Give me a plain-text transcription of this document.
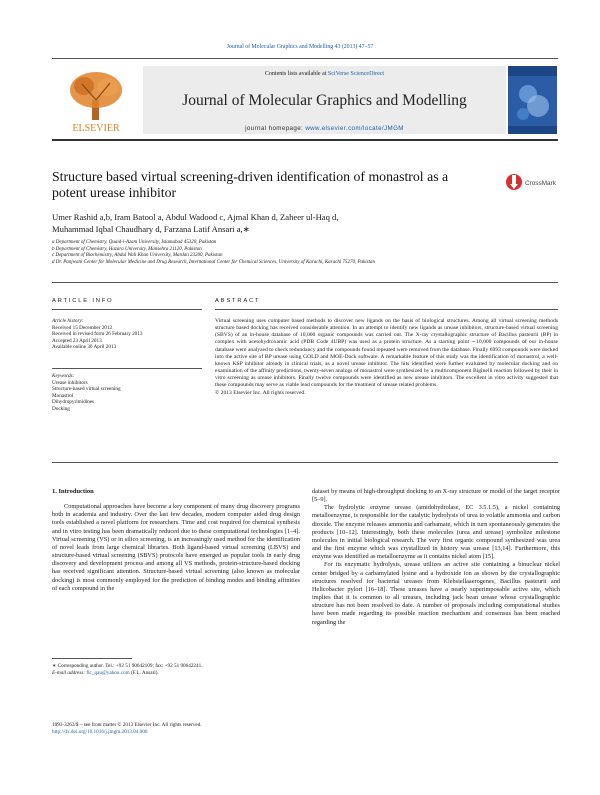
Journal of Molecular Graphics and Modelling 43 (2013) 47–57
ELSEVIER
Contents lists available at SciVerse ScienceDirect
Journal of Molecular Graphics and Modelling
journal homepage: www.elsevier.com/locate/JMGM
Structure based virtual screening-driven identification of monastrol as a potent urease inhibitor
CrossMark
Umer Rashid a,b, Iram Batool a, Abdul Wadood c, Ajmal Khan d, Zaheer ul-Haq d,
Muhammad Iqbal Chaudhary d, Farzana Latif Ansari a,∗
a Department of Chemistry, Quaid-i-Azam University, Islamabad 45320, Pakistan
b Department of Chemistry, Hazara University, Mansehra 21120, Pakistan
c Department of Biochemistry, Abdul Wali Khan University, Mardan 23200, Pakistan
d Dr. Panjwani Center for Molecular Medicine and Drug Research, International Center for Chemical Sciences, University of Karachi, Karachi 75270, Pakistan
ARTICLE INFO
Article history:
Received 15 December 2012
Received in revised form 26 February 2013
Accepted 23 April 2013
Available online 30 April 2013
Keywords:
Urease inhibitors
Structure-based virtual screening
Monastrol
Dihydropyrimidines
Docking
ABSTRACT

Virtual screening uses computer based methods to discover new ligands on the basis of biological structures. Among all virtual screening methods structure based docking has received considerable attention. In an attempt to identify new ligands as urease inhibitors, structure-based virtual screening (SBVS) of an in-house database of 10,000 organic compounds was carried out. The X-ray crystallographic structure of Bacillus pasteurii (BP) in complex with acetohydroxamic acid (PDB Code 4UBP) was used as a protein structure. As a starting point ∼10,000 compounds of our in-house database were analyzed to check redundancy and the compounds found repeated were removed from the database. Finally 6993 compounds were docked into the active site of BP urease using GOLD and MOE-Dock software. A remarkable feature of this study was the identification of monastrol, a well-known KSP inhibitor already in clinical trials, as a novel urease inhibitor. The hits identified were further evaluated by molecular docking and on examination of the affinity predictions, twenty-seven analogs of monastrol were synthesized by a multicomponent Biginelli reaction followed by their in vitro screening as urease inhibitors. Finally twelve compounds were identified as new urease inhibitors. The excellent in vitro activity suggested that these compounds may serve as viable lead compounds for the treatment of urease related problems.

© 2013 Elsevier Inc. All rights reserved.

1. Introduction

Computational approaches have become a key component of many drug discovery programs both in academia and industry. Over the last few decades, modern computer aided drug design tools established a novel platform for researchers. Time and cost required for chemical synthesis and in vitro testing has been dramatically reduced due to these computational technologies [1–4]. Virtual screening (VS) or in silico screening, is an increasingly used method for the identification of novel leads from large chemical libraries. Both ligand-based virtual screening (LBVS) and structure-based virtual screening (SBVS) protocols have emerged as popular tools in early drug discovery and development process and among all VS methods, protein-structure-based docking has received significant attention. Structure-based virtual screening (also known as molecular docking) is most commonly employed for the prediction of binding modes and binding affinities of each compound in the

dataset by means of high-throughput docking to an X-ray structure or model of the target receptor [5–9].

The hydrolytic enzyme urease (amidohydrolase, EC 3.5.1.5), a nickel containing metalloenzyme, is responsible for the catalytic hydrolysis of urea to volatile ammonia and carbon dioxide. The enzyme releases ammonia and carbamate, which in turn spontaneously generates the products [10–12]. Interestingly, both these molecules (urea and urease) symbolize milestone molecules in initial biological research. The very first organic compound synthesized was urea and the first enzyme which was crystallized in history was urease [13,14]. Furthermore, this enzyme was identified as metalloenzyme as it contains nickel atom [15].

For its enzymatic hydrolysis, urease utilizes an active site containing a binuclear nickel center bridged by a carbamylated lysine and a hydroxide ion as shown by the crystallographic structures resolved for bacterial ureases from Klebsiellaaerogenes, Bacillus pasteurii and Helicobacter pylori [16–18]. These ureases have a nearly superimposable active site, which implies that it is common to all ureases, including jack bean urease whose crystallographic structure has not been resolved to date. A number of proposals including computational studies have been made regarding its possible reaction mechanism and consensus has been reached regarding the

∗ Corresponding author. Tel.: +92 51 90642109; fax: +92 51 90642241.
E-mail address: flc_qau@yahoo.com (F.L. Ansari).
1093-3263/$ – see front matter © 2013 Elsevier Inc. All rights reserved.
http://dx.doi.org/10.1016/j.jmgm.2013.04.006
